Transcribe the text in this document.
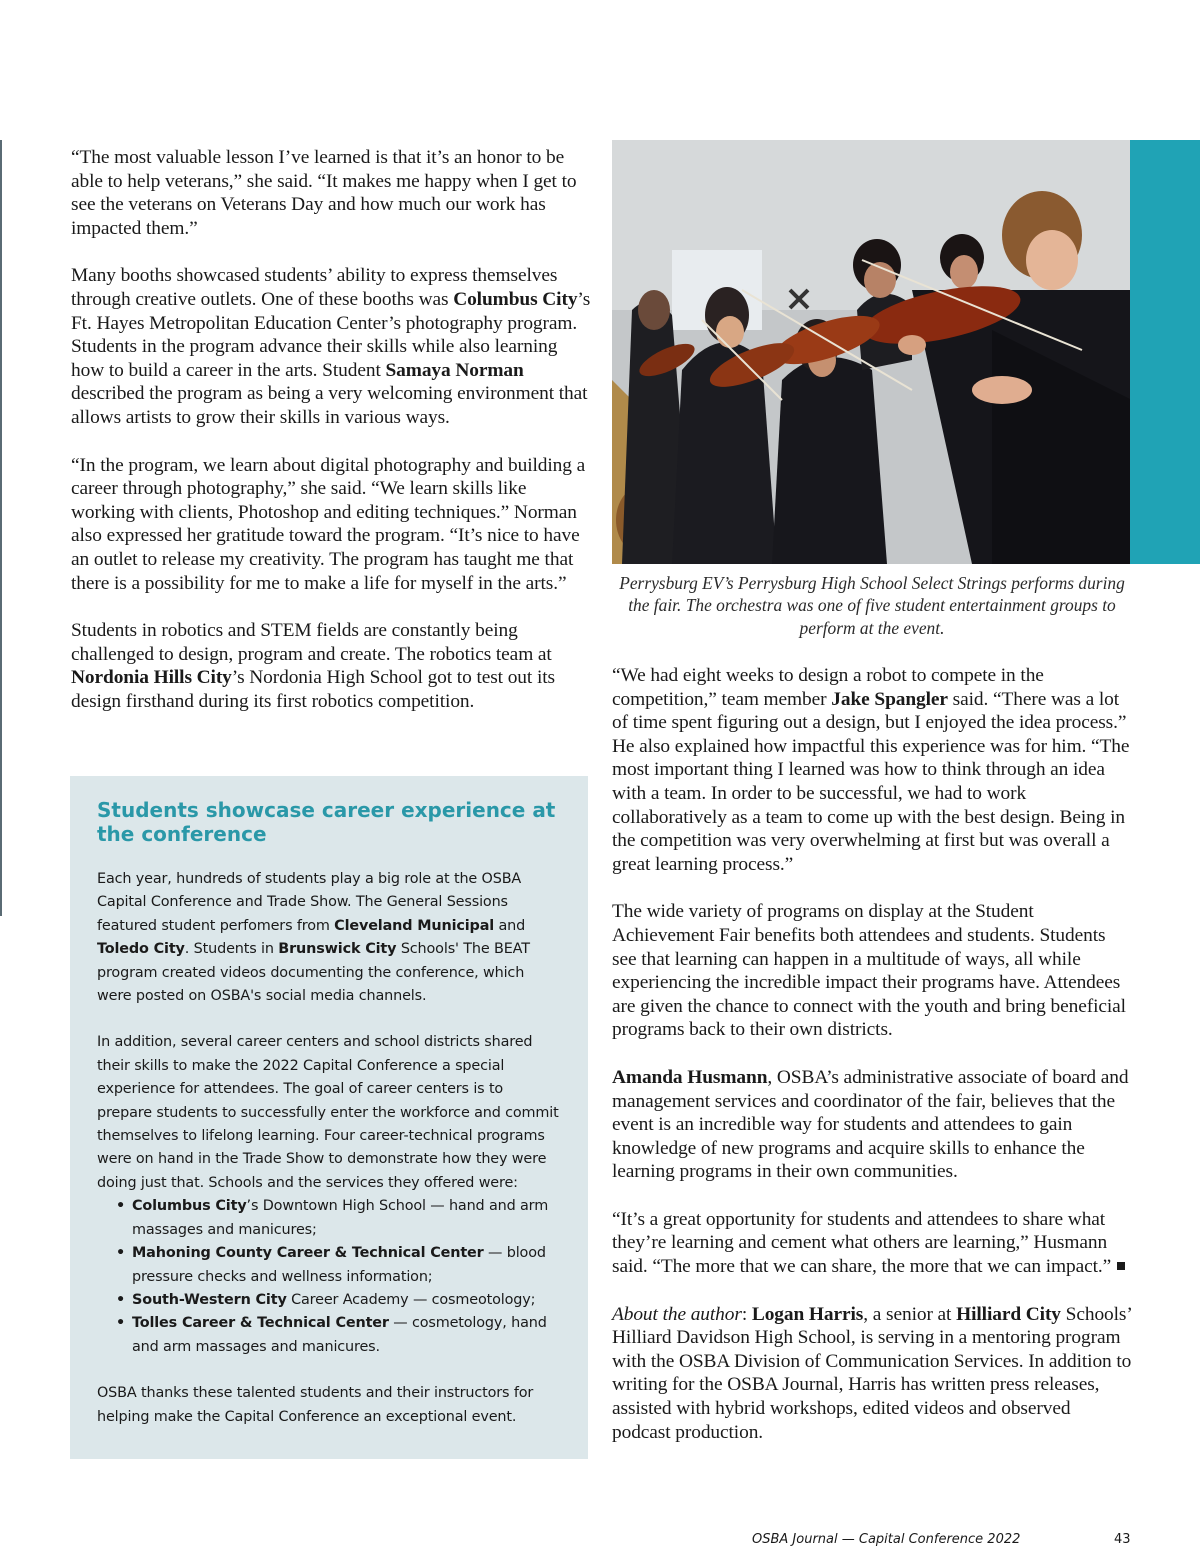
“The most valuable lesson I’ve learned is that it’s an honor to be able to help veterans,” she said. “It makes me happy when I get to see the veterans on Veterans Day and how much our work has impacted them.”

Many booths showcased students’ ability to express themselves through creative outlets. One of these booths was Columbus City’s Ft. Hayes Metropolitan Education Center’s photography program. Students in the program advance their skills while also learning how to build a career in the arts. Student Samaya Norman described the program as being a very welcoming environment that allows artists to grow their skills in various ways.

“In the program, we learn about digital photography and building a career through photography,” she said. “We learn skills like working with clients, Photoshop and editing techniques.” Norman also expressed her gratitude toward the program. “It’s nice to have an outlet to release my creativity. The program has taught me that there is a possibility for me to make a life for myself in the arts.”

Students in robotics and STEM fields are constantly being challenged to design, program and create. The robotics team at Nordonia Hills City’s Nordonia High School got to test out its design firsthand during its first robotics competition.

Students showcase career experience at the conference

Each year, hundreds of students play a big role at the OSBA Capital Conference and Trade Show. The General Sessions featured student perfomers from Cleveland Municipal and Toledo City. Students in Brunswick City Schools' The BEAT program created videos documenting the conference, which were posted on OSBA's social media channels.

In addition, several career centers and school districts shared their skills to make the 2022 Capital Conference a special experience for attendees. The goal of career centers is to prepare students to successfully enter the workforce and commit themselves to lifelong learning. Four career-technical programs were on hand in the Trade Show to demonstrate how they were doing just that. Schools and the services they offered were:

• Columbus City’s Downtown High School — hand and arm massages and manicures;
• Mahoning County Career & Technical Center — blood pressure checks and wellness information;
• South-Western City Career Academy — cosmeotology;
• Tolles Career & Technical Center — cosmetology, hand and arm massages and manicures.

OSBA thanks these talented students and their instructors for helping make the Capital Conference an exceptional event.

Perrysburg EV’s Perrysburg High School Select Strings performs during the fair. The orchestra was one of five student entertainment groups to perform at the event.

“We had eight weeks to design a robot to compete in the competition,” team member Jake Spangler said. “There was a lot of time spent figuring out a design, but I enjoyed the idea process.” He also explained how impactful this experience was for him. “The most important thing I learned was how to think through an idea with a team. In order to be successful, we had to work collaboratively as a team to come up with the best design. Being in the competition was very overwhelming at first but was overall a great learning process.”

The wide variety of programs on display at the Student Achievement Fair benefits both attendees and students. Students see that learning can happen in a multitude of ways, all while experiencing the incredible impact their programs have. Attendees are given the chance to connect with the youth and bring beneficial programs back to their own districts.

Amanda Husmann, OSBA’s administrative associate of board and management services and coordinator of the fair, believes that the event is an incredible way for students and attendees to gain knowledge of new programs and acquire skills to enhance the learning programs in their own communities.

“It’s a great opportunity for students and attendees to share what they’re learning and cement what others are learning,” Husmann said. “The more that we can share, the more that we can impact.”

About the author: Logan Harris, a senior at Hilliard City Schools’ Hilliard Davidson High School, is serving in a mentoring program with the OSBA Division of Communication Services. In addition to writing for the OSBA Journal, Harris has written press releases, assisted with hybrid workshops, edited videos and observed podcast production.

OSBA Journal — Capital Conference 2022	43
